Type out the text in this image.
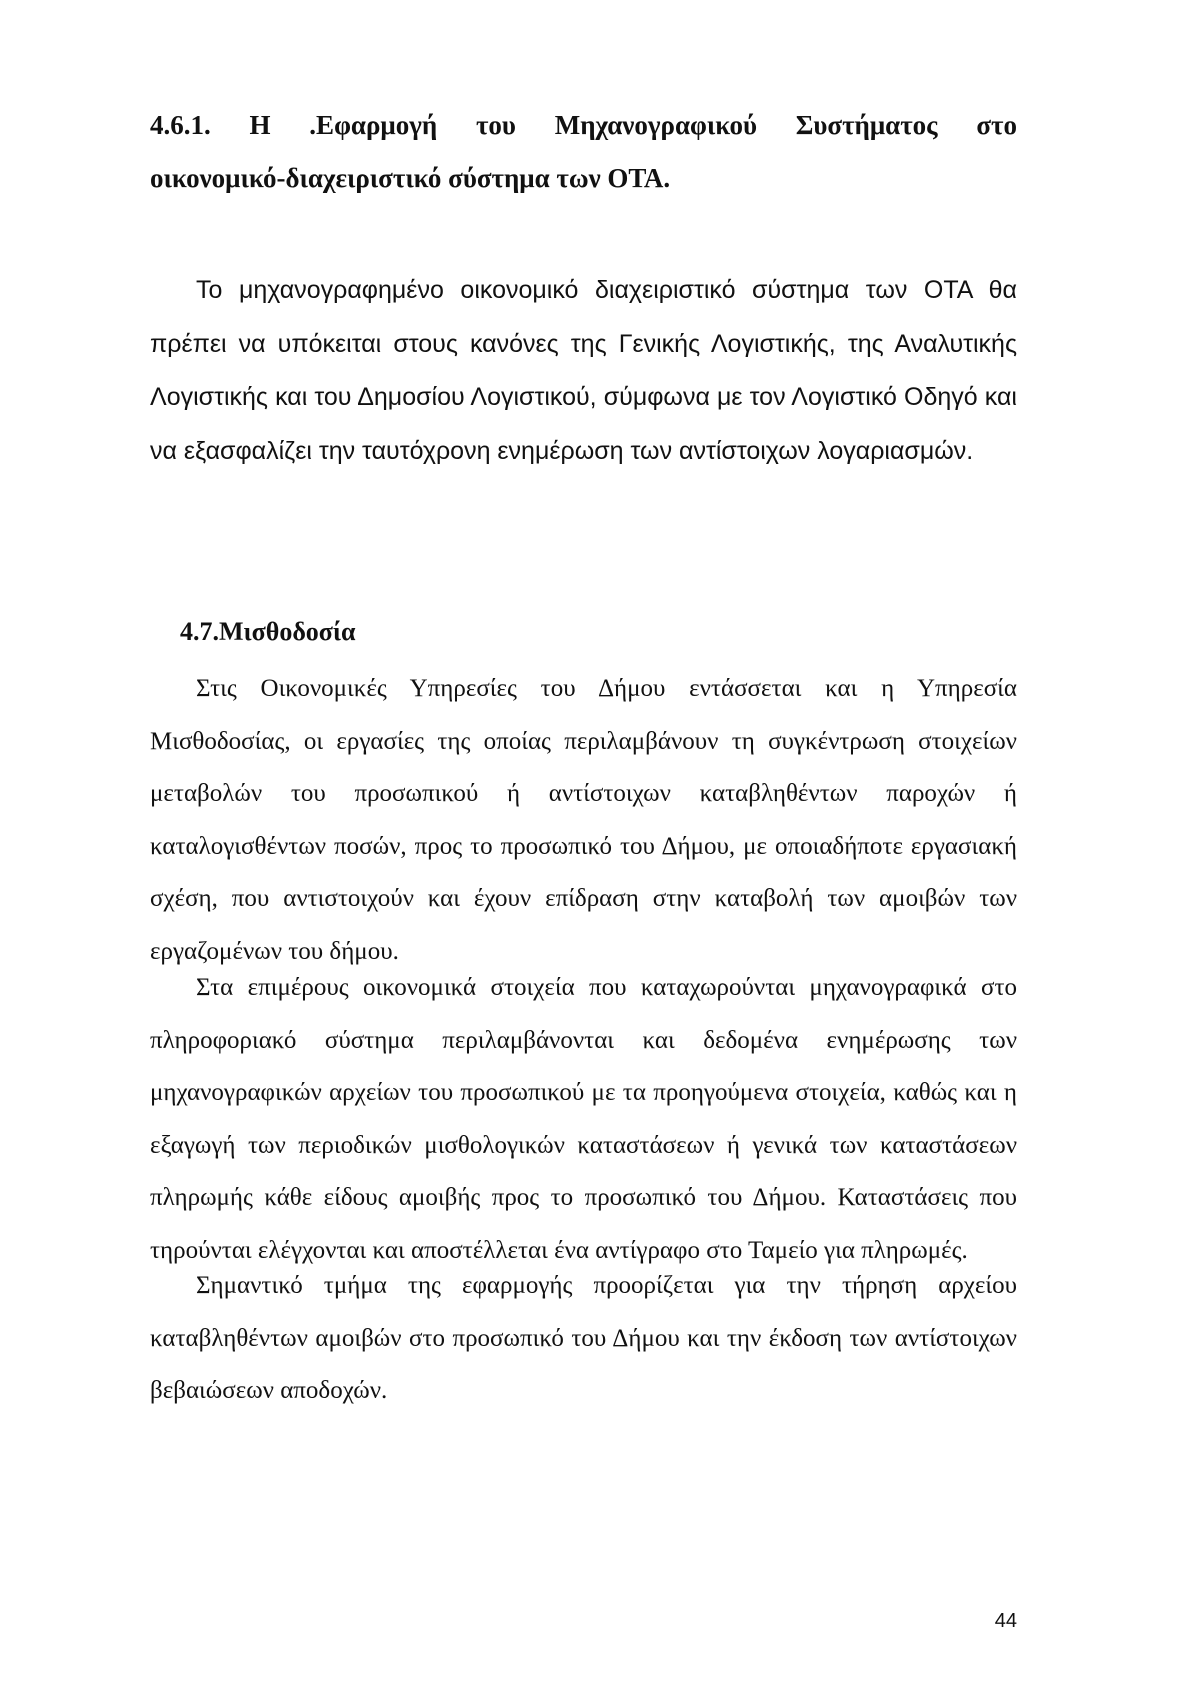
4.6.1. Η .Εφαρμογή του Μηχανογραφικού Συστήματος στο
οικονομικό-διαχειριστικό σύστημα των ΟΤΑ.

Το μηχανογραφημένο οικονομικό διαχειριστικό σύστημα των ΟΤΑ θα πρέπει να υπόκειται στους κανόνες της Γενικής Λογιστικής, της Αναλυτικής Λογιστικής και του Δημοσίου Λογιστικού, σύμφωνα με τον Λογιστικό Οδηγό και να εξασφαλίζει την ταυτόχρονη ενημέρωση των αντίστοιχων λογαριασμών.

4.7.Μισθοδοσία

Στις Οικονομικές Υπηρεσίες του Δήμου εντάσσεται και η Υπηρεσία Μισθοδοσίας, οι εργασίες της οποίας περιλαμβάνουν τη συγκέντρωση στοιχείων μεταβολών του προσωπικού ή αντίστοιχων καταβληθέντων παροχών ή καταλογισθέντων ποσών, προς το προσωπικό του Δήμου, με οποιαδήποτε εργασιακή σχέση, που αντιστοιχούν και έχουν επίδραση στην καταβολή των αμοιβών των εργαζομένων του δήμου.

Στα επιμέρους οικονομικά στοιχεία που καταχωρούνται μηχανογραφικά στο πληροφοριακό σύστημα περιλαμβάνονται και δεδομένα ενημέρωσης των μηχανογραφικών αρχείων του προσωπικού με τα προηγούμενα στοιχεία, καθώς και η εξαγωγή των περιοδικών μισθολογικών καταστάσεων ή γενικά των καταστάσεων πληρωμής κάθε είδους αμοιβής προς το προσωπικό του Δήμου. Καταστάσεις που τηρούνται ελέγχονται και αποστέλλεται ένα αντίγραφο στο Ταμείο για πληρωμές.

Σημαντικό τμήμα της εφαρμογής προορίζεται για την τήρηση αρχείου καταβληθέντων αμοιβών στο προσωπικό του Δήμου και την έκδοση των αντίστοιχων βεβαιώσεων αποδοχών.

44
